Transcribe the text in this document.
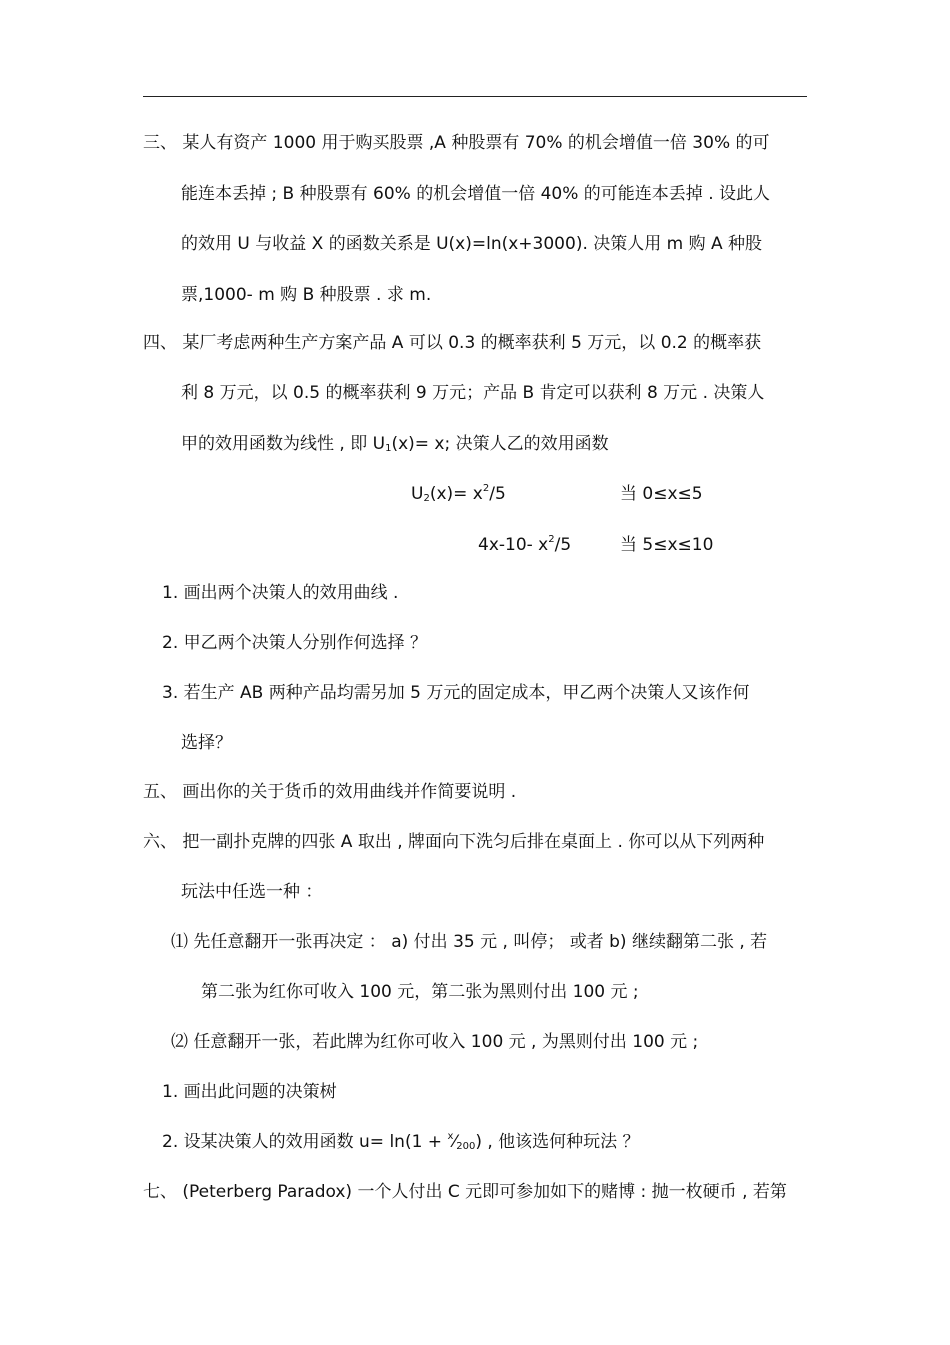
三、 某人有资产 1000 用于购买股票 ,A 种股票有 70% 的机会增值一倍 30% 的可
能连本丢掉 ; B 种股票有 60% 的机会增值一倍 40% 的可能连本丢掉 . 设此人
的效用 U 与收益 X 的函数关系是 U(x)=ln(x+3000). 决策人用 m 购 A 种股
票,1000- m 购 B 种股票 . 求 m.
四、 某厂考虑两种生产方案产品 A 可以 0.3 的概率获利 5 万元，以 0.2 的概率获
利 8 万元，以 0.5 的概率获利 9 万元；产品 B 肯定可以获利 8 万元 . 决策人
甲的效用函数为线性 , 即 $U_1(x)= x$; 决策人乙的效用函数
$U_2(x)= x^2/5$	当 0≤x≤5
4x-10- $x^2/5$	当 5≤x≤10
1. 画出两个决策人的效用曲线 .
2. 甲乙两个决策人分别作何选择 ？
3. 若生产 AB 两种产品均需另加 5 万元的固定成本，甲乙两个决策人又该作何
选择？
五、 画出你的关于货币的效用曲线并作简要说明 .
六、 把一副扑克牌的四张 A 取出 , 牌面向下洗匀后排在桌面上 . 你可以从下列两种
玩法中任选一种 ：
⑴ 先任意翻开一张再决定 ： a) 付出 35 元 , 叫停； 或者 b) 继续翻第二张 , 若
第二张为红你可收入 100 元，第二张为黑则付出 100 元 ;
⑵ 任意翻开一张，若此牌为红你可收入 100 元 , 为黑则付出 100 元 ;
1. 画出此问题的决策树
2. 设某决策人的效用函数 $u= \ln(1 + ^x⁄_{200})$ , 他该选何种玩法 ？
七、 (Peterberg Paradox) 一个人付出 C 元即可参加如下的赌博 : 抛一枚硬币 , 若第
